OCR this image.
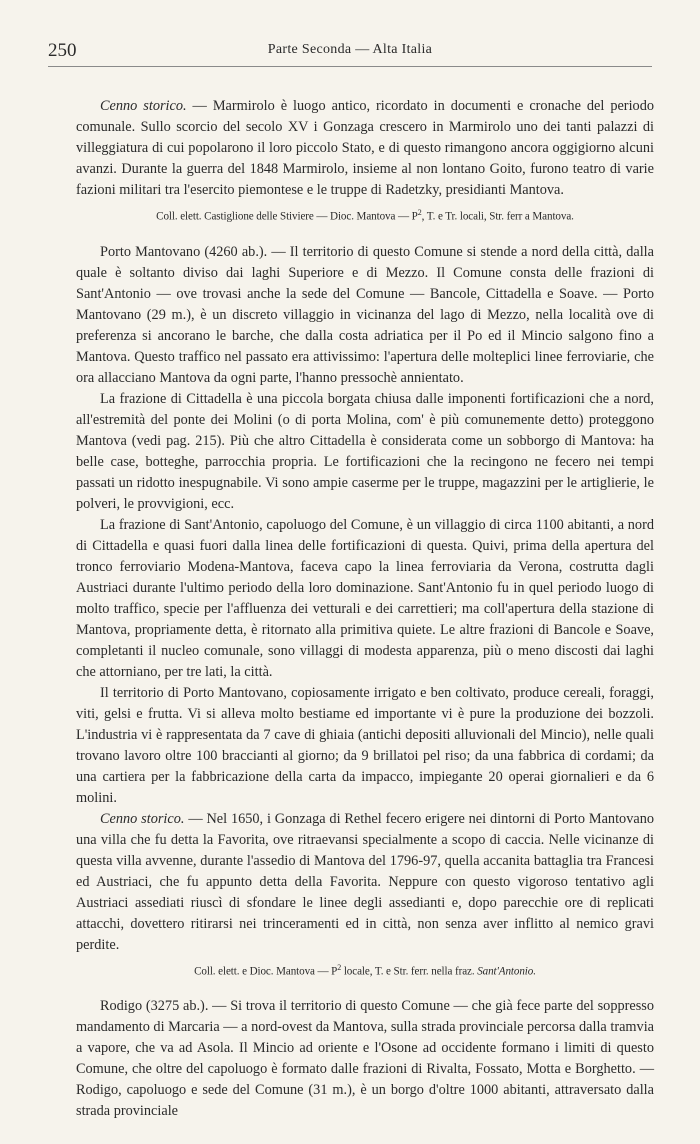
250	Parte Seconda — Alta Italia

Cenno storico. — Marmirolo è luogo antico, ricordato in documenti e cronache del periodo comunale. Sullo scorcio del secolo XV i Gonzaga crescero in Marmirolo uno dei tanti palazzi di villeggiatura di cui popolarono il loro piccolo Stato, e di questo rimangono ancora oggigiorno alcuni avanzi. Durante la guerra del 1848 Marmirolo, insieme al non lontano Goito, furono teatro di varie fazioni militari tra l'esercito piemontese e le truppe di Radetzky, presidianti Mantova.

Coll. elett. Castiglione delle Stiviere — Dioc. Mantova — $P^2$, T. e Tr. locali, Str. ferr a Mantova.

Porto Mantovano (4260 ab.). — Il territorio di questo Comune si stende a nord della città, dalla quale è soltanto diviso dai laghi Superiore e di Mezzo. Il Comune consta delle frazioni di Sant'Antonio — ove trovasi anche la sede del Comune — Bancole, Cittadella e Soave. — Porto Mantovano (29 m.), è un discreto villaggio in vicinanza del lago di Mezzo, nella località ove di preferenza si ancorano le barche, che dalla costa adriatica per il Po ed il Mincio salgono fino a Mantova. Questo traffico nel passato era attivissimo: l'apertura delle molteplici linee ferroviarie, che ora allacciano Mantova da ogni parte, l'hanno pressochè annientato.

La frazione di Cittadella è una piccola borgata chiusa dalle imponenti fortificazioni che a nord, all'estremità del ponte dei Molini (o di porta Molina, com' è più comunemente detto) proteggono Mantova (vedi pag. 215). Più che altro Cittadella è considerata come un sobborgo di Mantova: ha belle case, botteghe, parrocchia propria. Le fortificazioni che la recingono ne fecero nei tempi passati un ridotto inespugnabile. Vi sono ampie caserme per le truppe, magazzini per le artiglierie, le polveri, le provvigioni, ecc.

La frazione di Sant'Antonio, capoluogo del Comune, è un villaggio di circa 1100 abitanti, a nord di Cittadella e quasi fuori dalla linea delle fortificazioni di questa. Quivi, prima della apertura del tronco ferroviario Modena-Mantova, faceva capo la linea ferroviaria da Verona, costrutta dagli Austriaci durante l'ultimo periodo della loro dominazione. Sant'Antonio fu in quel periodo luogo di molto traffico, specie per l'affluenza dei vetturali e dei carrettieri; ma coll'apertura della stazione di Mantova, propriamente detta, è ritornato alla primitiva quiete. Le altre frazioni di Bancole e Soave, completanti il nucleo comunale, sono villaggi di modesta apparenza, più o meno discosti dai laghi che attorniano, per tre lati, la città.

Il territorio di Porto Mantovano, copiosamente irrigato e ben coltivato, produce cereali, foraggi, viti, gelsi e frutta. Vi si alleva molto bestiame ed importante vi è pure la produzione dei bozzoli. L'industria vi è rappresentata da 7 cave di ghiaia (antichi depositi alluvionali del Mincio), nelle quali trovano lavoro oltre 100 braccianti al giorno; da 9 brillatoi pel riso; da una fabbrica di cordami; da una cartiera per la fabbricazione della carta da impacco, impiegante 20 operai giornalieri e da 6 molini.

Cenno storico. — Nel 1650, i Gonzaga di Rethel fecero erigere nei dintorni di Porto Mantovano una villa che fu detta la Favorita, ove ritraevansi specialmente a scopo di caccia. Nelle vicinanze di questa villa avvenne, durante l'assedio di Mantova del 1796-97, quella accanita battaglia tra Francesi ed Austriaci, che fu appunto detta della Favorita. Neppure con questo vigoroso tentativo agli Austriaci assediati riuscì di sfondare le linee degli assedianti e, dopo parecchie ore di replicati attacchi, dovettero ritirarsi nei trinceramenti ed in città, non senza aver inflitto al nemico gravi perdite.

Coll. elett. e Dioc. Mantova — $P^2$ locale, T. e Str. ferr. nella fraz. Sant'Antonio.

Rodigo (3275 ab.). — Si trova il territorio di questo Comune — che già fece parte del soppresso mandamento di Marcaria — a nord-ovest da Mantova, sulla strada provinciale percorsa dalla tramvia a vapore, che va ad Asola. Il Mincio ad oriente e l'Osone ad occidente formano i limiti di questo Comune, che oltre del capoluogo è formato dalle frazioni di Rivalta, Fossato, Motta e Borghetto. — Rodigo, capoluogo e sede del Comune (31 m.), è un borgo d'oltre 1000 abitanti, attraversato dalla strada provinciale
